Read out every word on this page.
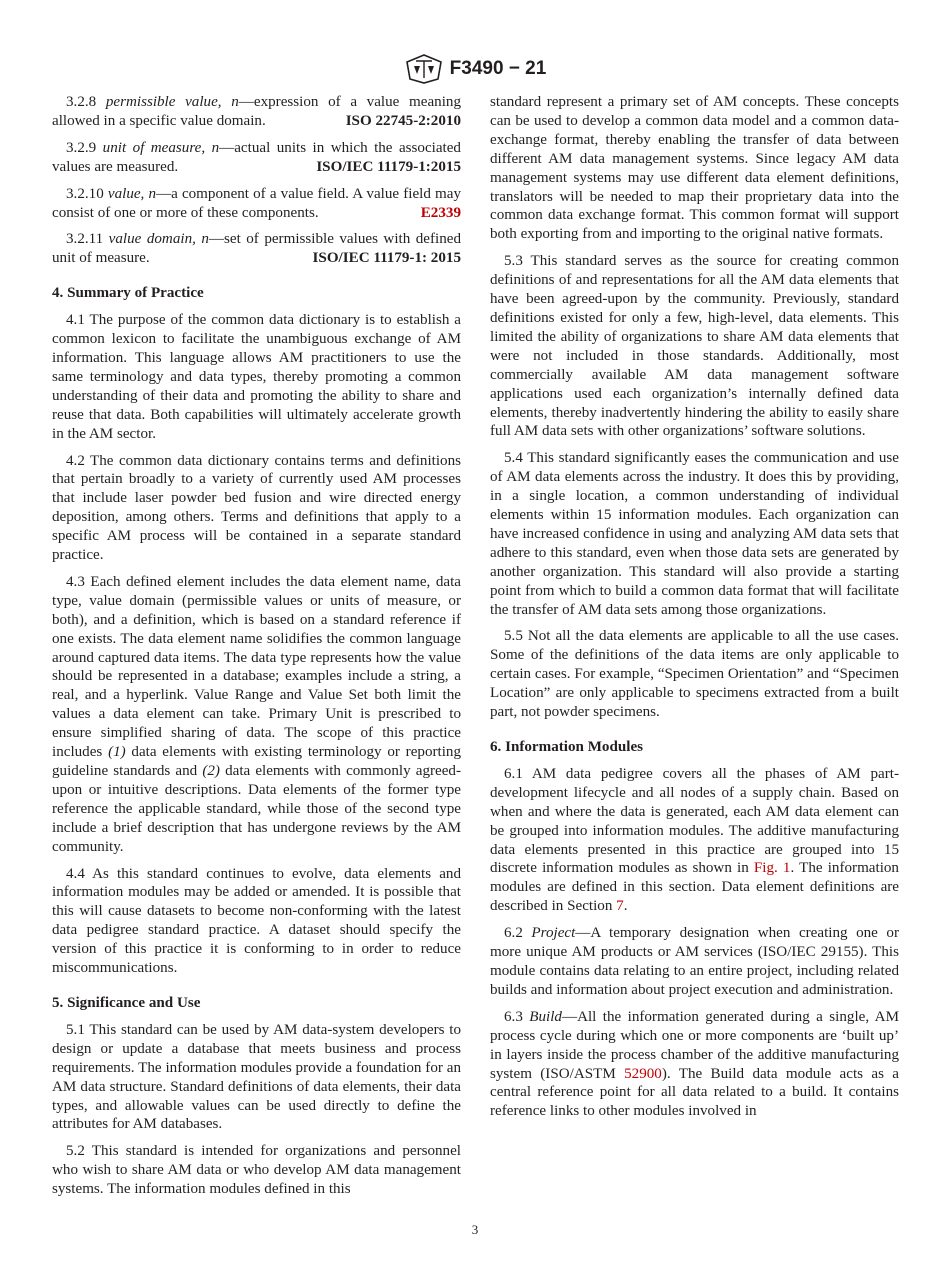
F3490 − 21

3.2.8 permissible value, n—expression of a value meaning allowed in a specific value domain.	ISO 22745-2:2010

3.2.9 unit of measure, n—actual units in which the associated values are measured.	ISO/IEC 11179-1:2015

3.2.10 value, n—a component of a value field. A value field may consist of one or more of these components.	E2339

3.2.11 value domain, n—set of permissible values with defined unit of measure.	ISO/IEC 11179-1: 2015

4. Summary of Practice

4.1 The purpose of the common data dictionary is to establish a common lexicon to facilitate the unambiguous exchange of AM information. This language allows AM practitioners to use the same terminology and data types, thereby promoting a common understanding of their data and promoting the ability to share and reuse that data. Both capabilities will ultimately accelerate growth in the AM sector.

4.2 The common data dictionary contains terms and definitions that pertain broadly to a variety of currently used AM processes that include laser powder bed fusion and wire directed energy deposition, among others. Terms and definitions that apply to a specific AM process will be contained in a separate standard practice.

4.3 Each defined element includes the data element name, data type, value domain (permissible values or units of measure, or both), and a definition, which is based on a standard reference if one exists. The data element name solidifies the common language around captured data items. The data type represents how the value should be represented in a database; examples include a string, a real, and a hyperlink. Value Range and Value Set both limit the values a data element can take. Primary Unit is prescribed to ensure simplified sharing of data. The scope of this practice includes (1) data elements with existing terminology or reporting guideline standards and (2) data elements with commonly agreed-upon or intuitive descriptions. Data elements of the former type reference the applicable standard, while those of the second type include a brief description that has undergone reviews by the AM community.

4.4 As this standard continues to evolve, data elements and information modules may be added or amended. It is possible that this will cause datasets to become non-conforming with the latest data pedigree standard practice. A dataset should specify the version of this practice it is conforming to in order to reduce miscommunications.

5. Significance and Use

5.1 This standard can be used by AM data-system developers to design or update a database that meets business and process requirements. The information modules provide a foundation for an AM data structure. Standard definitions of data elements, their data types, and allowable values can be used directly to define the attributes for AM databases.

5.2 This standard is intended for organizations and personnel who wish to share AM data or who develop AM data management systems. The information modules defined in this

standard represent a primary set of AM concepts. These concepts can be used to develop a common data model and a common data-exchange format, thereby enabling the transfer of data between different AM data management systems. Since legacy AM data management systems may use different data element definitions, translators will be needed to map their proprietary data into the common data exchange format. This common format will support both exporting from and importing to the original native formats.

5.3 This standard serves as the source for creating common definitions of and representations for all the AM data elements that have been agreed-upon by the community. Previously, standard definitions existed for only a few, high-level, data elements. This limited the ability of organizations to share AM data elements that were not included in those standards. Additionally, most commercially available AM data management software applications used each organization’s internally defined data elements, thereby inadvertently hindering the ability to easily share full AM data sets with other organizations’ software solutions.

5.4 This standard significantly eases the communication and use of AM data elements across the industry. It does this by providing, in a single location, a common understanding of individual elements within 15 information modules. Each organization can have increased confidence in using and analyzing AM data sets that adhere to this standard, even when those data sets are generated by another organization. This standard will also provide a starting point from which to build a common data format that will facilitate the transfer of AM data sets among those organizations.

5.5 Not all the data elements are applicable to all the use cases. Some of the definitions of the data items are only applicable to certain cases. For example, “Specimen Orientation” and “Specimen Location” are only applicable to specimens extracted from a built part, not powder specimens.

6. Information Modules

6.1 AM data pedigree covers all the phases of AM part-development lifecycle and all nodes of a supply chain. Based on when and where the data is generated, each AM data element can be grouped into information modules. The additive manufacturing data elements presented in this practice are grouped into 15 discrete information modules as shown in Fig. 1. The information modules are defined in this section. Data element definitions are described in Section 7.

6.2 Project—A temporary designation when creating one or more unique AM products or AM services (ISO/IEC 29155). This module contains data relating to an entire project, including related builds and information about project execution and administration.

6.3 Build—All the information generated during a single, AM process cycle during which one or more components are ‘built up’ in layers inside the process chamber of the additive manufacturing system (ISO/ASTM 52900). The Build data module acts as a central reference point for all data related to a build. It contains reference links to other modules involved in

3
